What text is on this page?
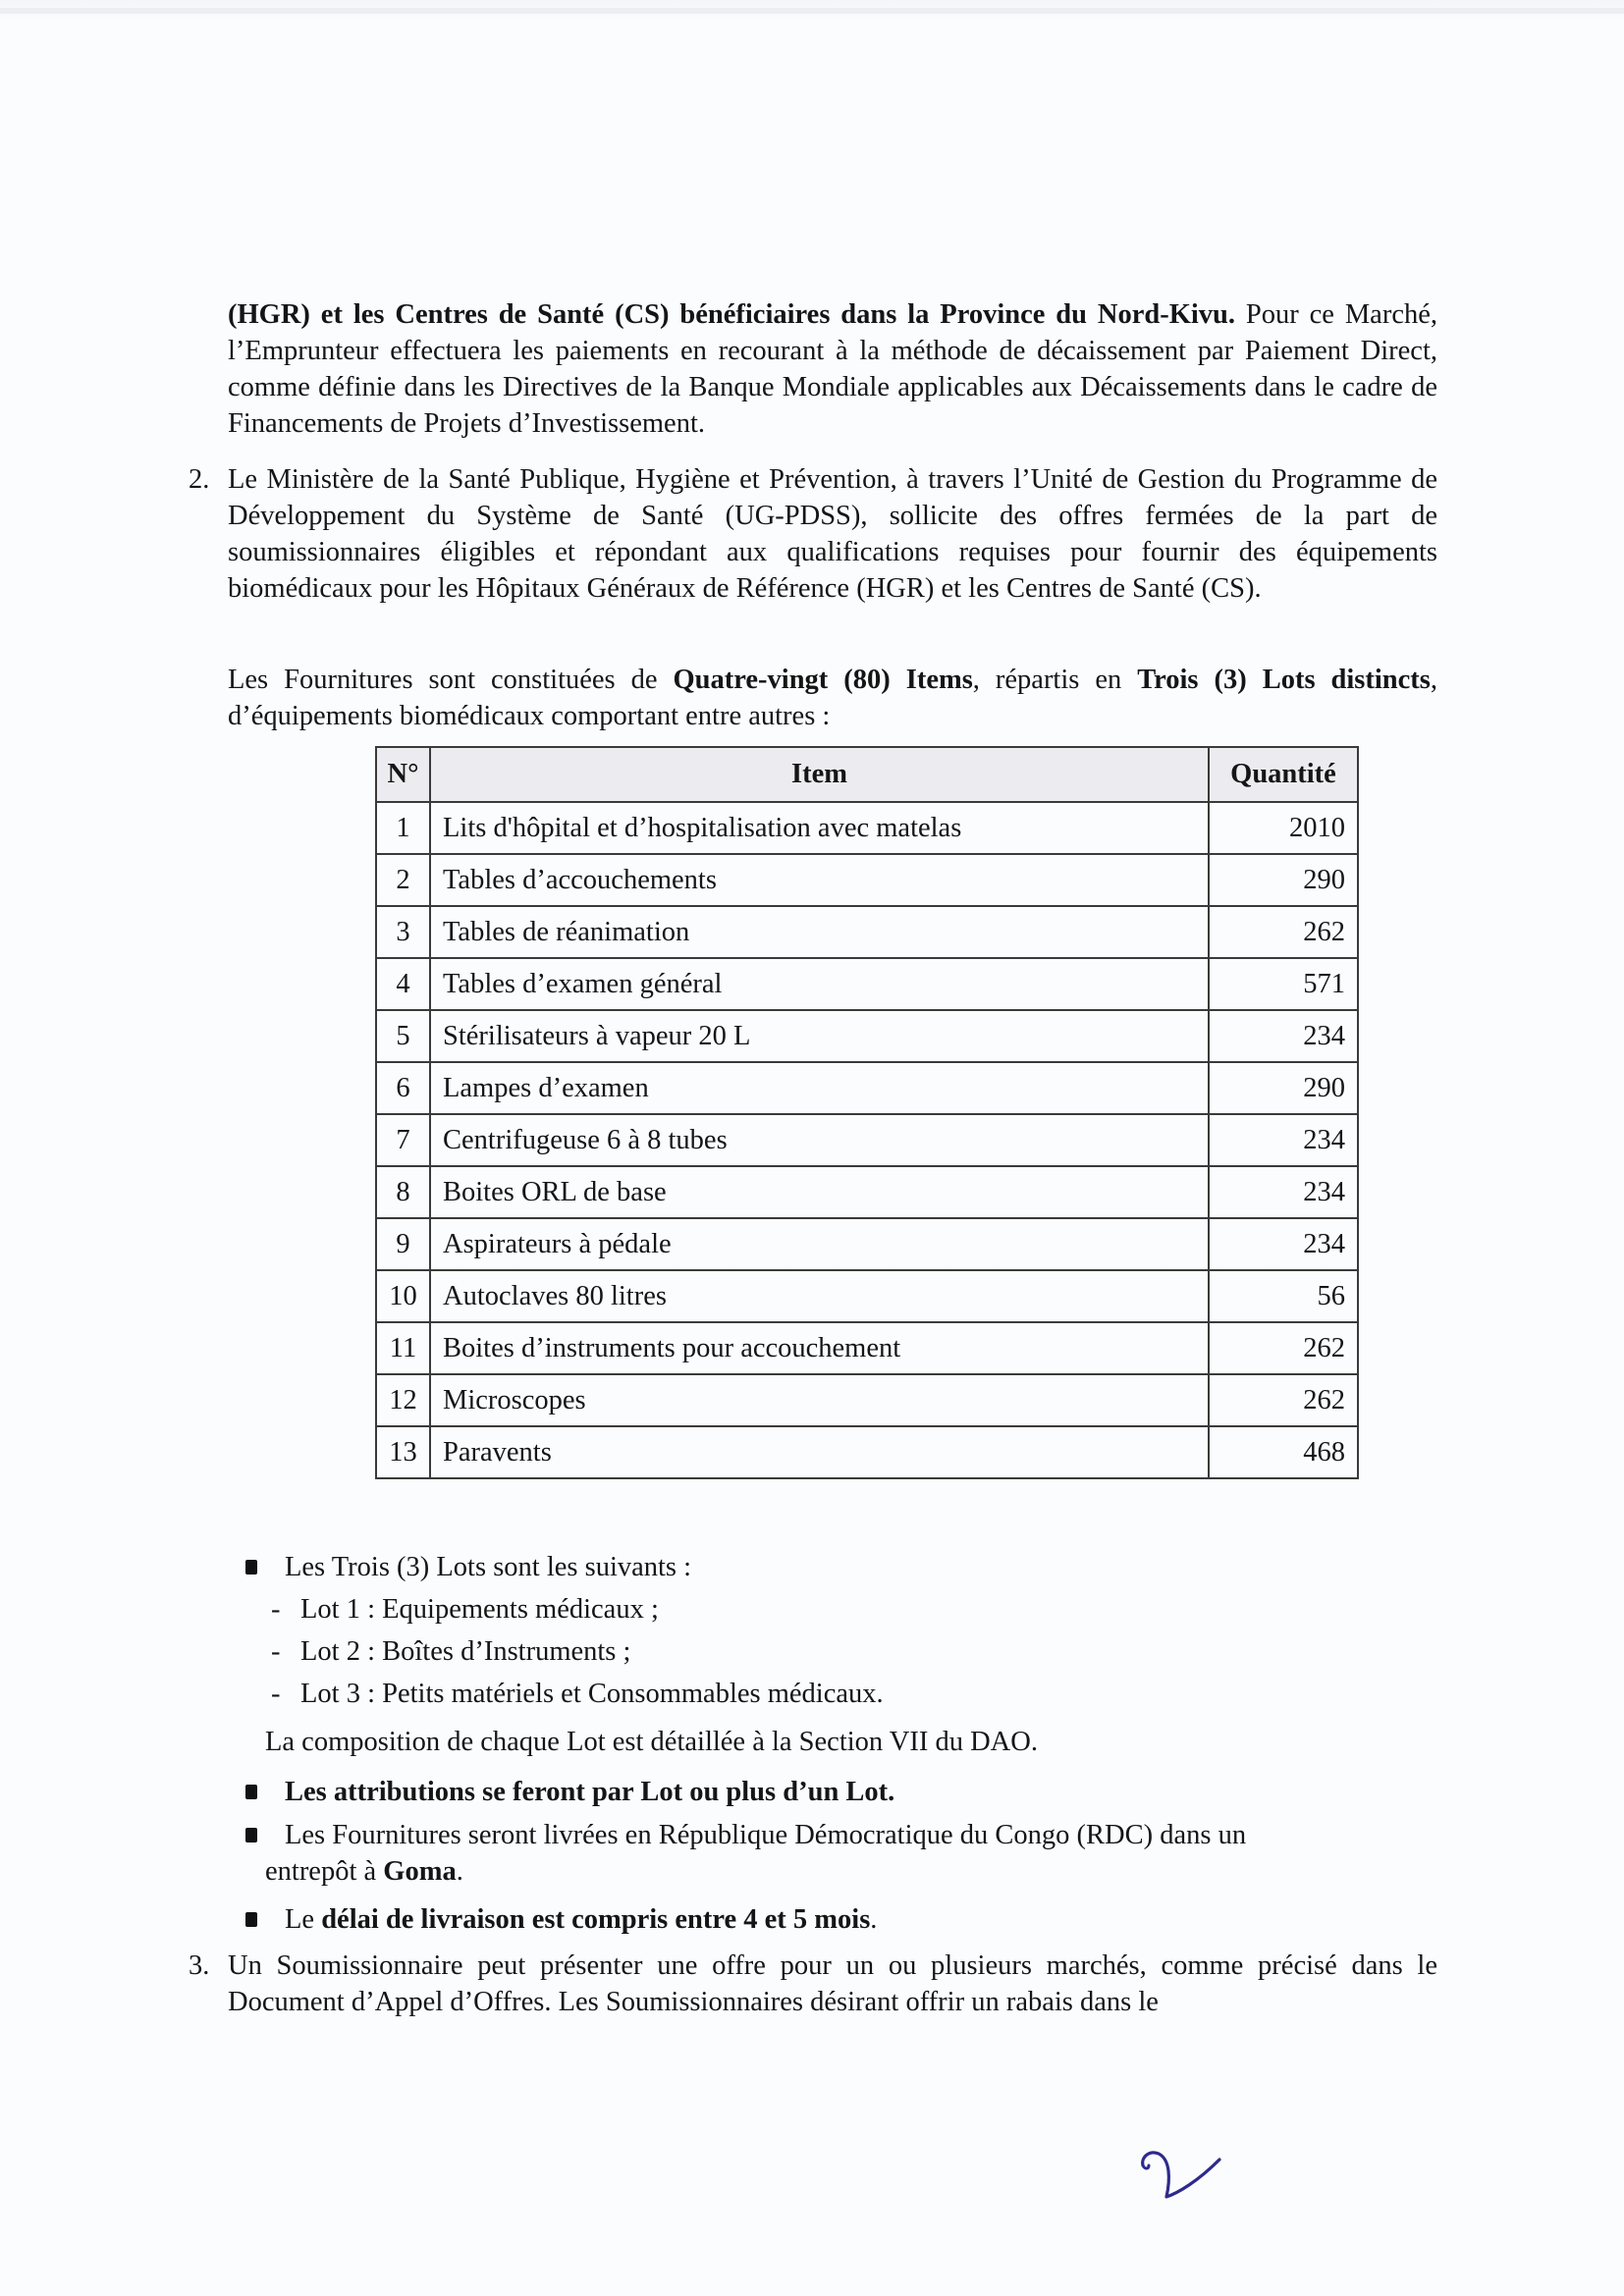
(HGR) et les Centres de Santé (CS) bénéficiaires dans la Province du Nord-Kivu. Pour ce Marché, l’Emprunteur effectuera les paiements en recourant à la méthode de décaissement par Paiement Direct, comme définie dans les Directives de la Banque Mondiale applicables aux Décaissements dans le cadre de Financements de Projets d’Investissement.
2. Le Ministère de la Santé Publique, Hygiène et Prévention, à travers l’Unité de Gestion du Programme de Développement du Système de Santé (UG-PDSS), sollicite des offres fermées de la part de soumissionnaires éligibles et répondant aux qualifications requises pour fournir des équipements biomédicaux pour les Hôpitaux Généraux de Référence (HGR) et les Centres de Santé (CS).
Les Fournitures sont constituées de Quatre-vingt (80) Items, répartis en Trois (3) Lots distincts, d’équipements biomédicaux comportant entre autres :
N°	Item	Quantité
1	Lits d'hôpital et d’hospitalisation avec matelas	2010
2	Tables d’accouchements	290
3	Tables de réanimation	262
4	Tables d’examen général	571
5	Stérilisateurs à vapeur 20 L	234
6	Lampes d’examen	290
7	Centrifugeuse 6 à 8 tubes	234
8	Boites ORL de base	234
9	Aspirateurs à pédale	234
10	Autoclaves 80 litres	56
11	Boites d’instruments pour accouchement	262
12	Microscopes	262
13	Paravents	468
Les Trois (3) Lots sont les suivants :
- Lot 1 : Equipements médicaux ;
- Lot 2 : Boîtes d’Instruments ;
- Lot 3 : Petits matériels et Consommables médicaux.
La composition de chaque Lot est détaillée à la Section VII du DAO.
Les attributions se feront par Lot ou plus d’un Lot.
Les Fournitures seront livrées en République Démocratique du Congo (RDC) dans un
entrepôt à Goma.
Le délai de livraison est compris entre 4 et 5 mois.
3. Un Soumissionnaire peut présenter une offre pour un ou plusieurs marchés, comme précisé dans le Document d’Appel d’Offres. Les Soumissionnaires désirant offrir un rabais dans le
